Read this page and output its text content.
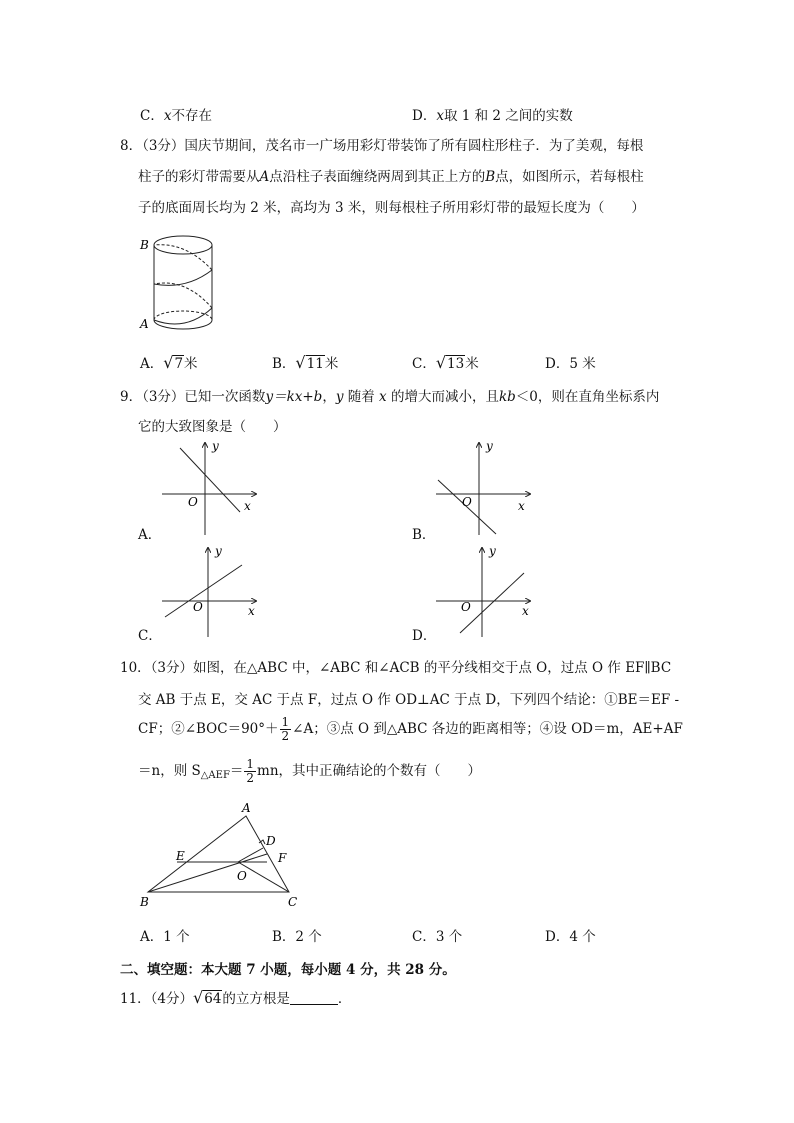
C．x不存在	D．x取 1 和 2 之间的实数
8．（3分）国庆节期间，茂名市一广场用彩灯带装饰了所有圆柱形柱子．为了美观，每根
柱子的彩灯带需要从A点沿柱子表面缠绕两周到其正上方的B点，如图所示，若每根柱
子的底面周长均为 2 米，高均为 3 米，则每根柱子所用彩灯带的最短长度为（　　）
B
A
A．√7米	B．√11米	C．√13米	D．5 米
9．（3分）已知一次函数y＝kx+b，y 随着 x 的增大而减小，且kb＜0，则在直角坐标系内
它的大致图象是（　　）
y
x
O
A．
y
x
O
B．
y
x
O
C．
y
x
O
D．
10．（3分）如图，在△ABC 中，∠ABC 和∠ACB 的平分线相交于点 O，过点 O 作 EF∥BC
交 AB 于点 E，交 AC 于点 F，过点 O 作 OD⊥AC 于点 D，下列四个结论：①BE＝EF -
CF；②∠BOC＝90°＋ $\frac{1}{2}$ ∠A；③点 O 到△ABC 各边的距离相等；④设 OD＝m，AE+AF
＝n，则 $S_{\triangle AEF}= \frac{1}{2}$ mn，其中正确结论的个数有（　　）
A
B	C
D
E	F
O
A．1 个	B．2 个	C．3 个	D．4 个
二、填空题：本大题 7 小题，每小题 4 分，共 28 分。
11．（4分）√64的立方根是	．
